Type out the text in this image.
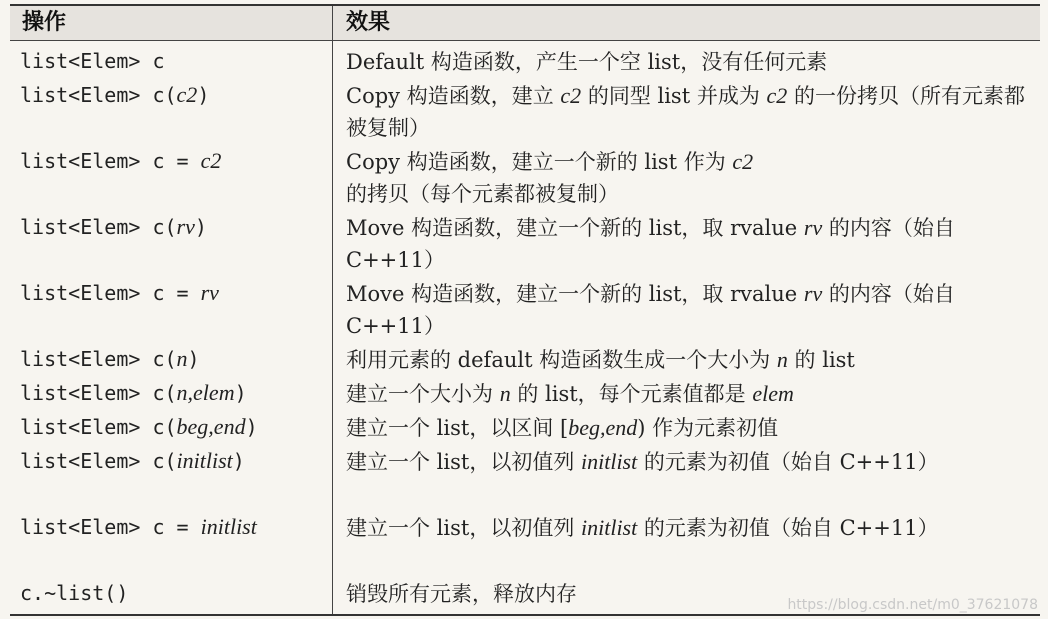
操作	效果
list<Elem> c	Default 构造函数，产生一个空 list，没有任何元素
list<Elem> c(c2)	Copy 构造函数，建立 c2 的同型 list 并成为 c2 的一份拷贝（所有元素都被复制）
list<Elem> c = c2	Copy 构造函数，建立一个新的 list 作为 c2 的拷贝（每个元素都被复制）
list<Elem> c(rv)	Move 构造函数，建立一个新的 list，取 rvalue rv 的内容（始自 C++11）
list<Elem> c = rv	Move 构造函数，建立一个新的 list，取 rvalue rv 的内容（始自 C++11）
list<Elem> c(n)	利用元素的 default 构造函数生成一个大小为 n 的 list
list<Elem> c(n,elem)	建立一个大小为 n 的 list，每个元素值都是 elem
list<Elem> c(beg,end)	建立一个 list，以区间 [beg,end) 作为元素初值
list<Elem> c(initlist)	建立一个 list，以初值列 initlist 的元素为初值（始自 C++11）
list<Elem> c = initlist	建立一个 list，以初值列 initlist 的元素为初值（始自 C++11）
c.~list()	销毁所有元素，释放内存	https://blog.csdn.net/m0_37621078
